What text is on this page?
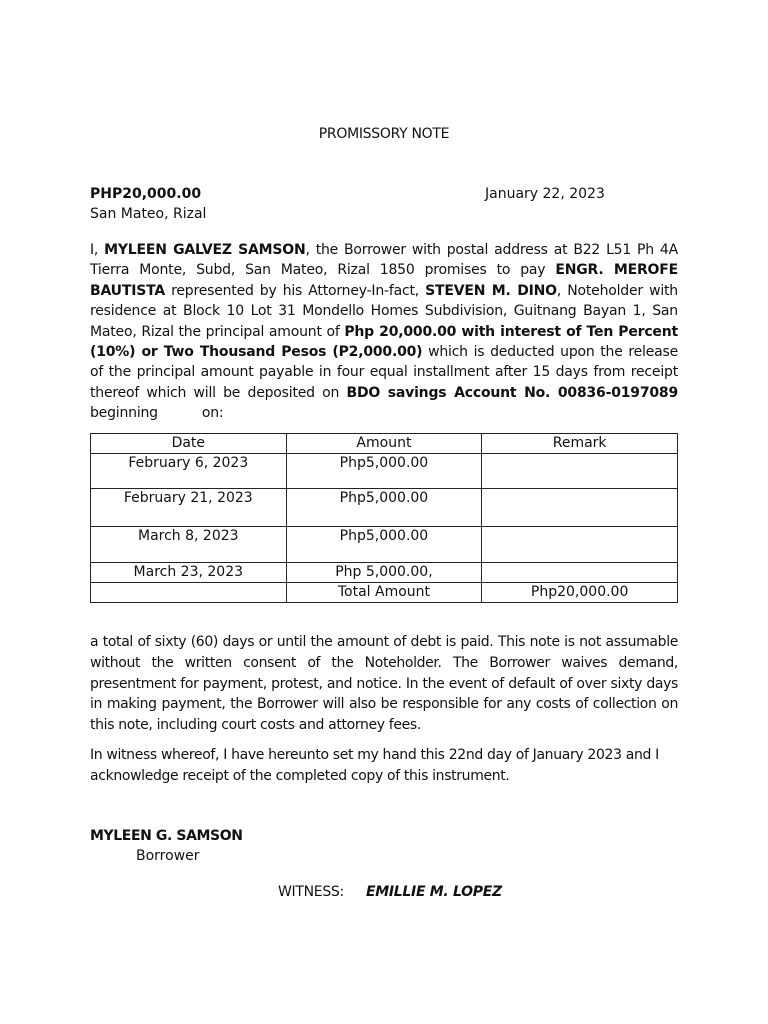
PROMISSORY NOTE
PHP20,000.00	January 22, 2023
San Mateo, Rizal
I, MYLEEN GALVEZ SAMSON, the Borrower with postal address at B22 L51 Ph 4A Tierra Monte, Subd, San Mateo, Rizal 1850 promises to pay ENGR. MEROFE BAUTISTA represented by his Attorney-In-fact, STEVEN M. DINO, Noteholder with residence at Block 10 Lot 31 Mondello Homes Subdivision, Guitnang Bayan 1, San Mateo, Rizal the principal amount of Php 20,000.00 with interest of Ten Percent (10%) or Two Thousand Pesos (P2,000.00) which is deducted upon the release of the principal amount payable in four equal installment after 15 days from receipt thereof which will be deposited on BDO savings Account No. 00836-0197089 beginning	on:
Date	Amount	Remark
February 6, 2023	Php5,000.00	
February 21, 2023	Php5,000.00	
March 8, 2023	Php5,000.00	
March 23, 2023	Php 5,000.00,	
	Total Amount	Php20,000.00
a total of sixty (60) days or until the amount of debt is paid. This note is not assumable without the written consent of the Noteholder. The Borrower waives demand, presentment for payment, protest, and notice. In the event of default of over sixty days in making payment, the Borrower will also be responsible for any costs of collection on this note, including court costs and attorney fees.
In witness whereof, I have hereunto set my hand this 22nd day of January 2023 and I acknowledge receipt of the completed copy of this instrument.
MYLEEN G. SAMSON
Borrower
WITNESS: EMILLIE M. LOPEZ
